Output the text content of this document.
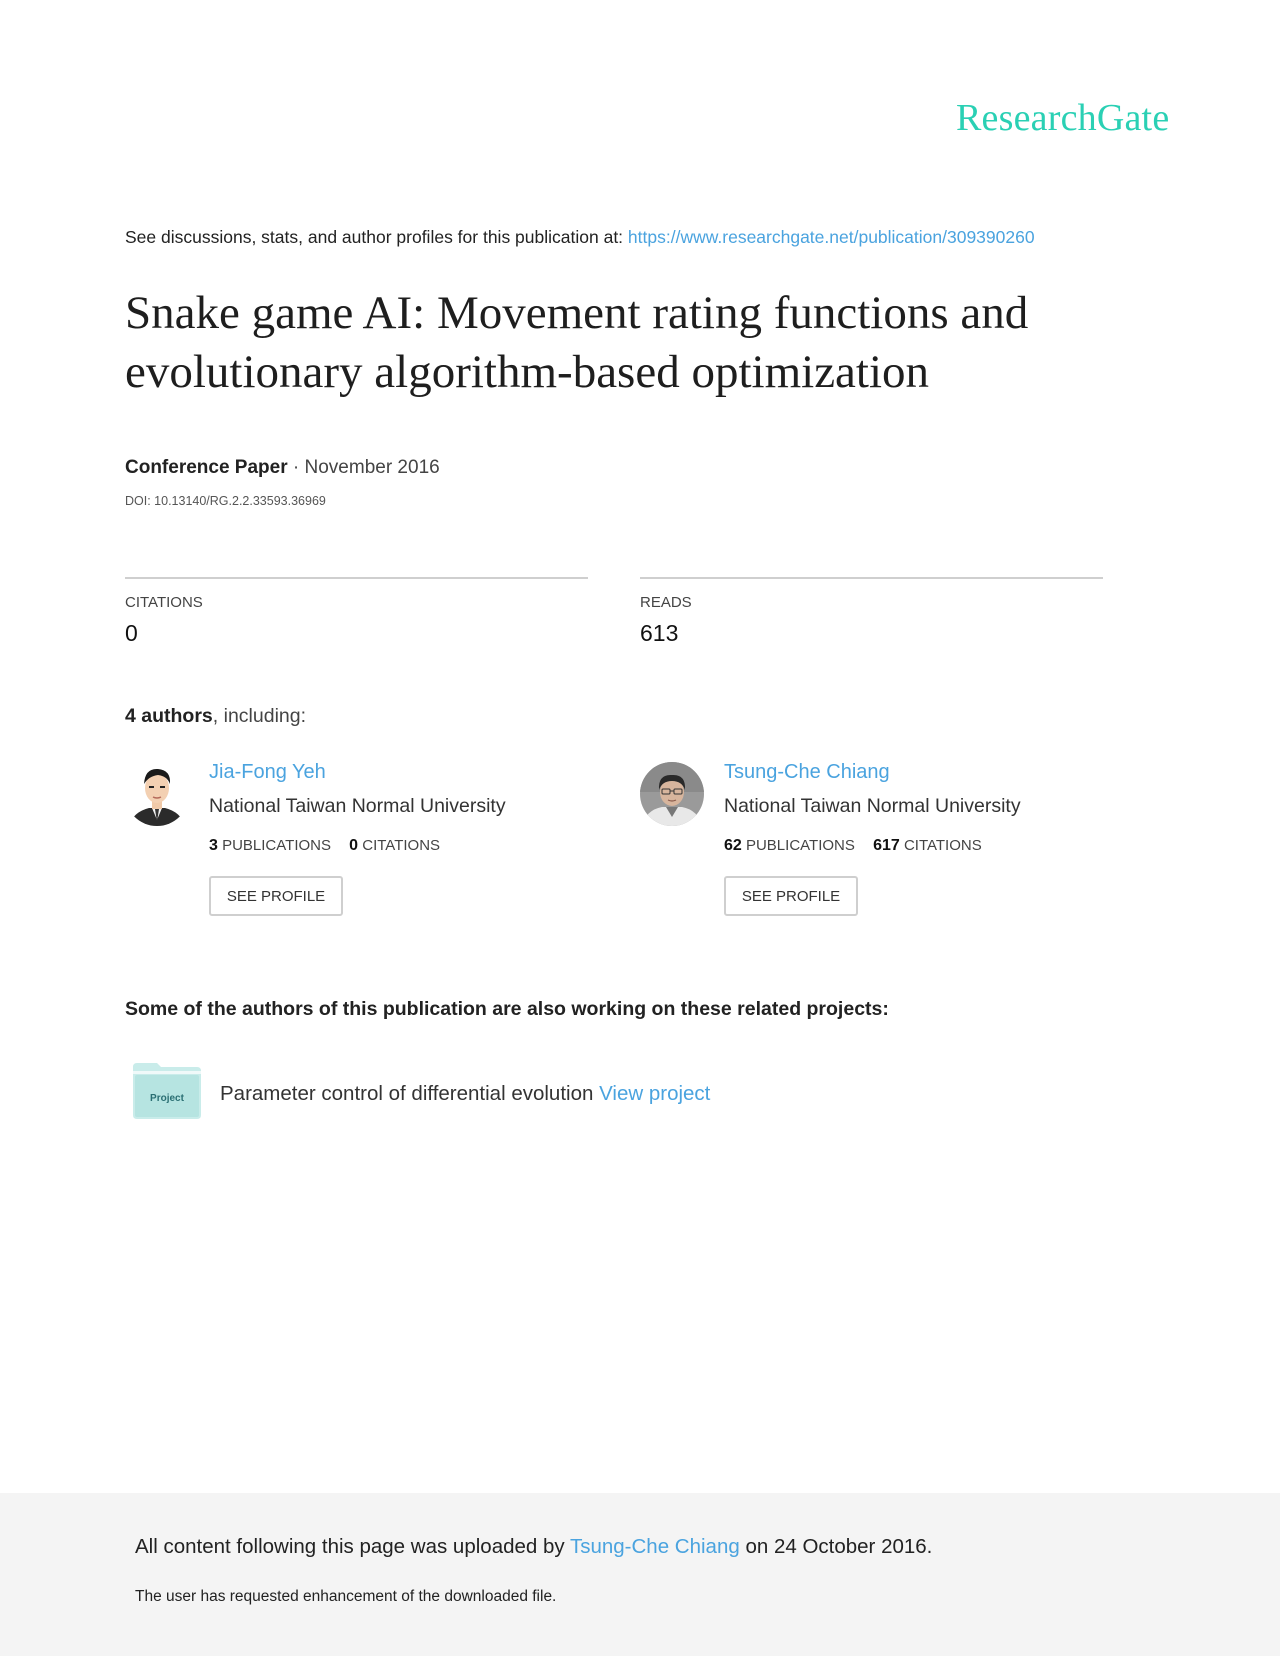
ResearchGate
See discussions, stats, and author profiles for this publication at: https://www.researchgate.net/publication/309390260
Snake game AI: Movement rating functions and
evolutionary algorithm-based optimization
Conference Paper · November 2016
DOI: 10.13140/RG.2.2.33593.36969
CITATIONS
0
READS
613
4 authors, including:
Jia-Fong Yeh
National Taiwan Normal University
3 PUBLICATIONS 0 CITATIONS
SEE PROFILE
Tsung-Che Chiang
National Taiwan Normal University
62 PUBLICATIONS 617 CITATIONS
SEE PROFILE
Some of the authors of this publication are also working on these related projects:
Project Parameter control of differential evolution View project
All content following this page was uploaded by Tsung-Che Chiang on 24 October 2016.
The user has requested enhancement of the downloaded file.
